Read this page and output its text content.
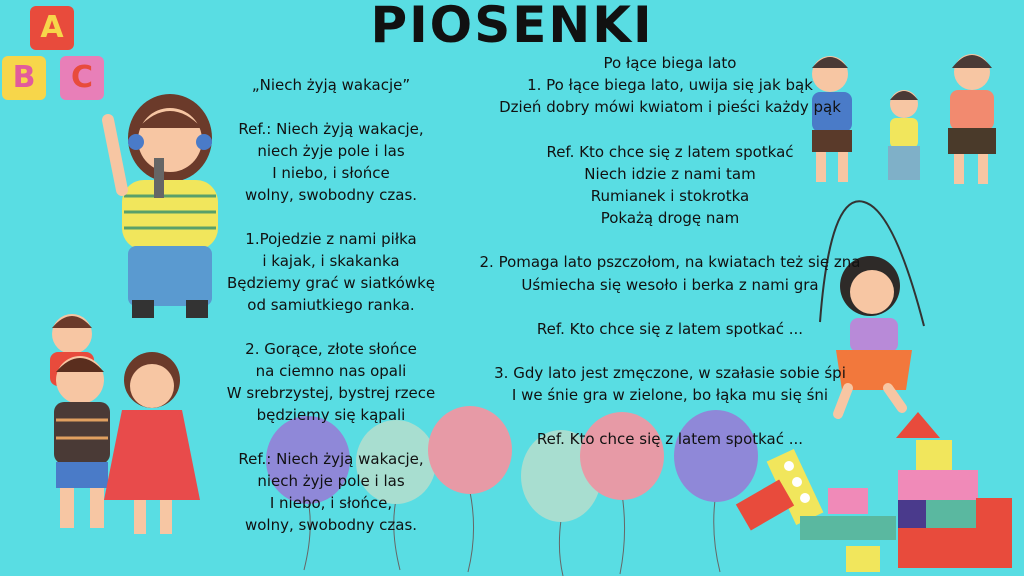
PIOSENKI
A
B	C	„Niech żyją wakacje”
Ref.: Niech żyją wakacje,
niech żyje pole i las
I niebo, i słońce
wolny, swobodny czas.
1.Pojedzie z nami piłka
i kajak, i skakanka
Będziemy grać w siatkówkę
od samiutkiego ranka.
2. Gorące, złote słońce
na ciemno nas opali
W srebrzystej, bystrej rzece
będziemy się kąpali
Ref.: Niech żyją wakacje,
niech żyje pole i las
I niebo, i słońce,
wolny, swobodny czas.
Po łące biega lato
1. Po łące biega lato, uwija się jak bąk
Dzień dobry mówi kwiatom i pieści każdy pąk
Ref. Kto chce się z latem spotkać
Niech idzie z nami tam
Rumianek i stokrotka
Pokażą drogę nam
2. Pomaga lato pszczołom, na kwiatach też się zna
Uśmiecha się wesoło i berka z nami gra
Ref. Kto chce się z latem spotkać ...
3. Gdy lato jest zmęczone, w szałasie sobie śpi
I we śnie gra w zielone, bo łąka mu się śni
Ref. Kto chce się z latem spotkać ...
